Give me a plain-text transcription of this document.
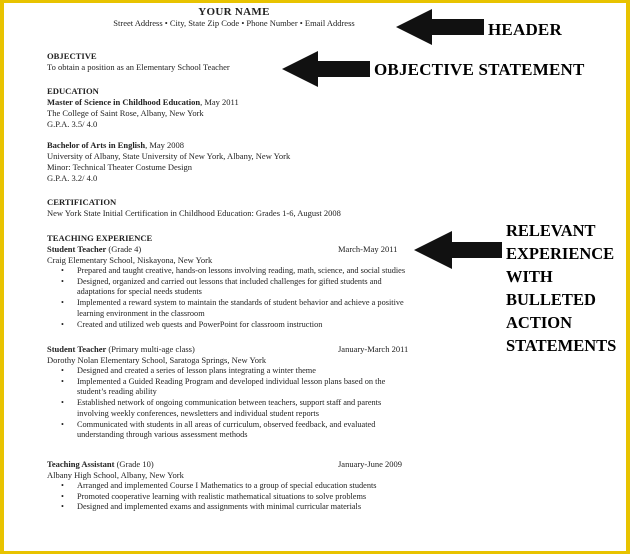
YOUR NAME
Street Address • City, State Zip Code • Phone Number • Email Address
OBJECTIVE
To obtain a position as an Elementary School Teacher
EDUCATION
Master of Science in Childhood Education, May 2011
The College of Saint Rose, Albany, New York
G.P.A. 3.5/ 4.0
Bachelor of Arts in English, May 2008
University of Albany, State University of New York, Albany, New York
Minor: Technical Theater Costume Design
G.P.A. 3.2/ 4.0
CERTIFICATION
New York State Initial Certification in Childhood Education: Grades 1-6, August 2008
TEACHING EXPERIENCE
Student Teacher (Grade 4)	March-May 2011
Craig Elementary School, Niskayona, New York
• Prepared and taught creative, hands-on lessons involving reading, math, science, and social studies
• Designed, organized and carried out lessons that included challenges for gifted students and
adaptations for special needs students
• Implemented a reward system to maintain the standards of student behavior and achieve a positive
learning environment in the classroom
• Created and utilized web quests and PowerPoint for classroom instruction
Student Teacher (Primary multi-age class)	January-March 2011
Dorothy Nolan Elementary School, Saratoga Springs, New York
• Designed and created a series of lesson plans integrating a winter theme
• Implemented a Guided Reading Program and developed individual lesson plans based on the
student’s reading ability
• Established network of ongoing communication between teachers, support staff and parents
involving weekly conferences, newsletters and individual student reports
• Communicated with students in all areas of curriculum, observed feedback, and evaluated
understanding through various assessment methods
Teaching Assistant (Grade 10)	January-June 2009
Albany High School, Albany, New York
• Arranged and implemented Course I Mathematics to a group of special education students
• Promoted cooperative learning with realistic mathematical situations to solve problems
• Designed and implemented exams and assignments with minimal curricular materials
HEADER
OBJECTIVE STATEMENT
RELEVANT
EXPERIENCE
WITH
BULLETED
ACTION
STATEMENTS
